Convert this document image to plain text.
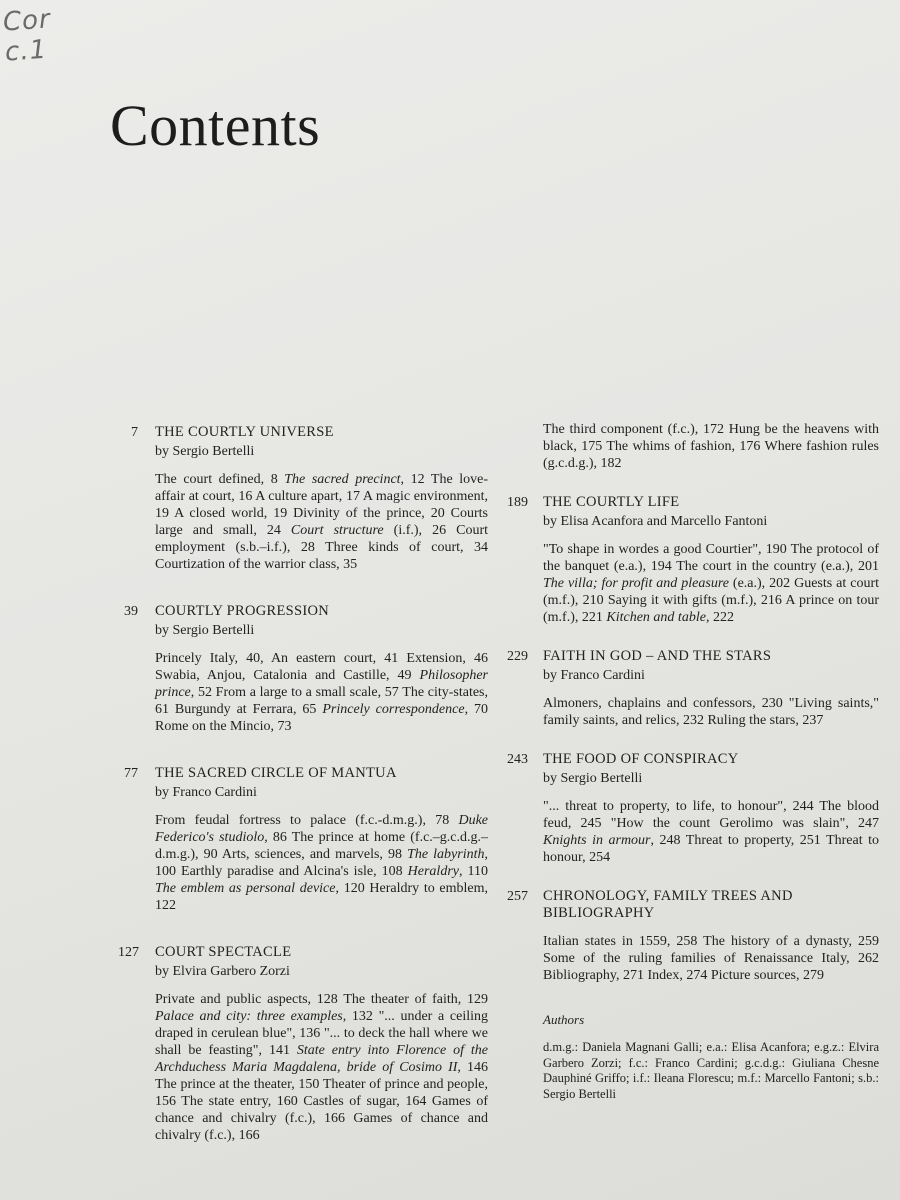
Cor
c.1
Contents
7 THE COURTLY UNIVERSE
by Sergio Bertelli
The court defined, 8 The sacred precinct, 12 The love-affair at court, 16 A culture apart, 17 A magic environment, 19 A closed world, 19 Divinity of the prince, 20 Courts large and small, 24 Court structure (i.f.), 26 Court employment (s.b.–i.f.), 28 Three kinds of court, 34 Courtization of the warrior class, 35
39 COURTLY PROGRESSION
by Sergio Bertelli
Princely Italy, 40, An eastern court, 41 Extension, 46 Swabia, Anjou, Catalonia and Castille, 49 Philosopher prince, 52 From a large to a small scale, 57 The city-states, 61 Burgundy at Ferrara, 65 Princely correspondence, 70 Rome on the Mincio, 73
77 THE SACRED CIRCLE OF MANTUA
by Franco Cardini
From feudal fortress to palace (f.c.-d.m.g.), 78 Duke Federico's studiolo, 86 The prince at home (f.c.–g.c.d.g.–d.m.g.), 90 Arts, sciences, and marvels, 98 The labyrinth, 100 Earthly paradise and Alcina's isle, 108 Heraldry, 110 The emblem as personal device, 120 Heraldry to emblem, 122
127 COURT SPECTACLE
by Elvira Garbero Zorzi
Private and public aspects, 128 The theater of faith, 129 Palace and city: three examples, 132 "... under a ceiling draped in cerulean blue", 136 "... to deck the hall where we shall be feasting", 141 State entry into Florence of the Archduchess Maria Magdalena, bride of Cosimo II, 146 The prince at the theater, 150 Theater of prince and people, 156 The state entry, 160 Castles of sugar, 164 Games of chance and chivalry (f.c.), 166 Games of chance and chivalry (f.c.), 166
The third component (f.c.), 172 Hung be the heavens with black, 175 The whims of fashion, 176 Where fashion rules (g.c.d.g.), 182
189 THE COURTLY LIFE
by Elisa Acanfora and Marcello Fantoni
"To shape in wordes a good Courtier", 190 The protocol of the banquet (e.a.), 194 The court in the country (e.a.), 201 The villa; for profit and pleasure (e.a.), 202 Guests at court (m.f.), 210 Saying it with gifts (m.f.), 216 A prince on tour (m.f.), 221 Kitchen and table, 222
229 FAITH IN GOD – AND THE STARS
by Franco Cardini
Almoners, chaplains and confessors, 230 "Living saints," family saints, and relics, 232 Ruling the stars, 237
243 THE FOOD OF CONSPIRACY
by Sergio Bertelli
"... threat to property, to life, to honour", 244 The blood feud, 245 "How the count Gerolimo was slain", 247 Knights in armour, 248 Threat to property, 251 Threat to honour, 254
257 CHRONOLOGY, FAMILY TREES AND BIBLIOGRAPHY
Italian states in 1559, 258 The history of a dynasty, 259 Some of the ruling families of Renaissance Italy, 262 Bibliography, 271 Index, 274 Picture sources, 279
Authors
d.m.g.: Daniela Magnani Galli; e.a.: Elisa Acanfora; e.g.z.: Elvira Garbero Zorzi; f.c.: Franco Cardini; g.c.d.g.: Giuliana Chesne Dauphiné Griffo; i.f.: Ileana Florescu; m.f.: Marcello Fantoni; s.b.: Sergio Bertelli
